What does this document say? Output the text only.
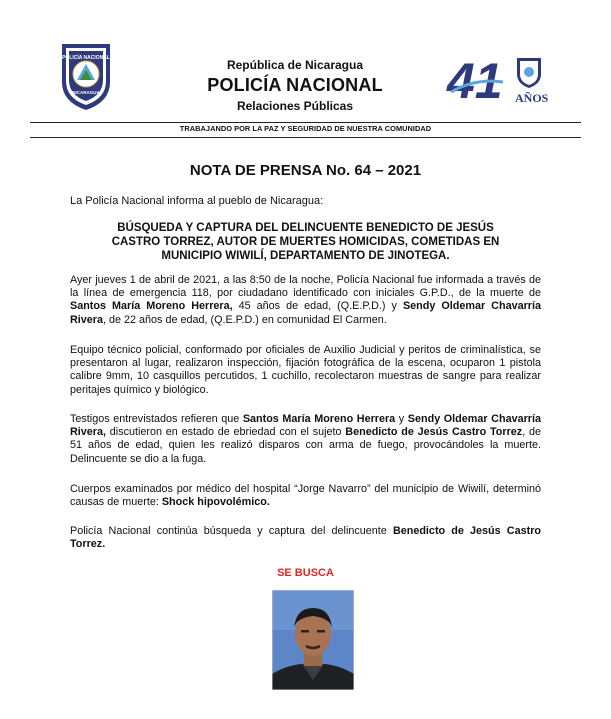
POLICÍA NACIONAL
NICARAGUA
República de Nicaragua
POLICÍA NACIONAL
Relaciones Públicas	41 AÑOS
TRABAJANDO POR LA PAZ Y SEGURIDAD DE NUESTRA COMUNIDAD
NOTA DE PRENSA No. 64 – 2021
La Policía Nacional informa al pueblo de Nicaragua:
BÚSQUEDA Y CAPTURA DEL DELINCUENTE BENEDICTO DE JESÚS CASTRO TORREZ, AUTOR DE MUERTES HOMICIDAS, COMETIDAS EN MUNICIPIO WIWILÍ, DEPARTAMENTO DE JINOTEGA.
Ayer jueves 1 de abril de 2021, a las 8:50 de la noche, Policía Nacional fue informada a través de la línea de emergencia 118, por ciudadano identificado con iniciales G.P.D., de la muerte de Santos María Moreno Herrera, 45 años de edad, (Q.E.P.D.) y Sendy Oldemar Chavarría Rivera, de 22 años de edad, (Q.E.P.D.) en comunidad El Carmen.
Equipo técnico policial, conformado por oficiales de Auxilio Judicial y peritos de criminalística, se presentaron al lugar, realizaron inspección, fijación fotográfica de la escena, ocuparon 1 pistola calibre 9mm, 10 casquillos percutidos, 1 cuchillo, recolectaron muestras de sangre para realizar peritajes químico y biológico.
Testigos entrevistados refieren que Santos María Moreno Herrera y Sendy Oldemar Chavarría Rivera, discutieron en estado de ebriedad con el sujeto Benedicto de Jesús Castro Torrez, de 51 años de edad, quien les realizó disparos con arma de fuego, provocándoles la muerte. Delincuente se dio a la fuga.
Cuerpos examinados por médico del hospital “Jorge Navarro” del municipio de Wiwilí, determinó causas de muerte: Shock hipovolémico.
Policía Nacional continúa búsqueda y captura del delincuente Benedicto de Jesús Castro Torrez.
SE BUSCA
